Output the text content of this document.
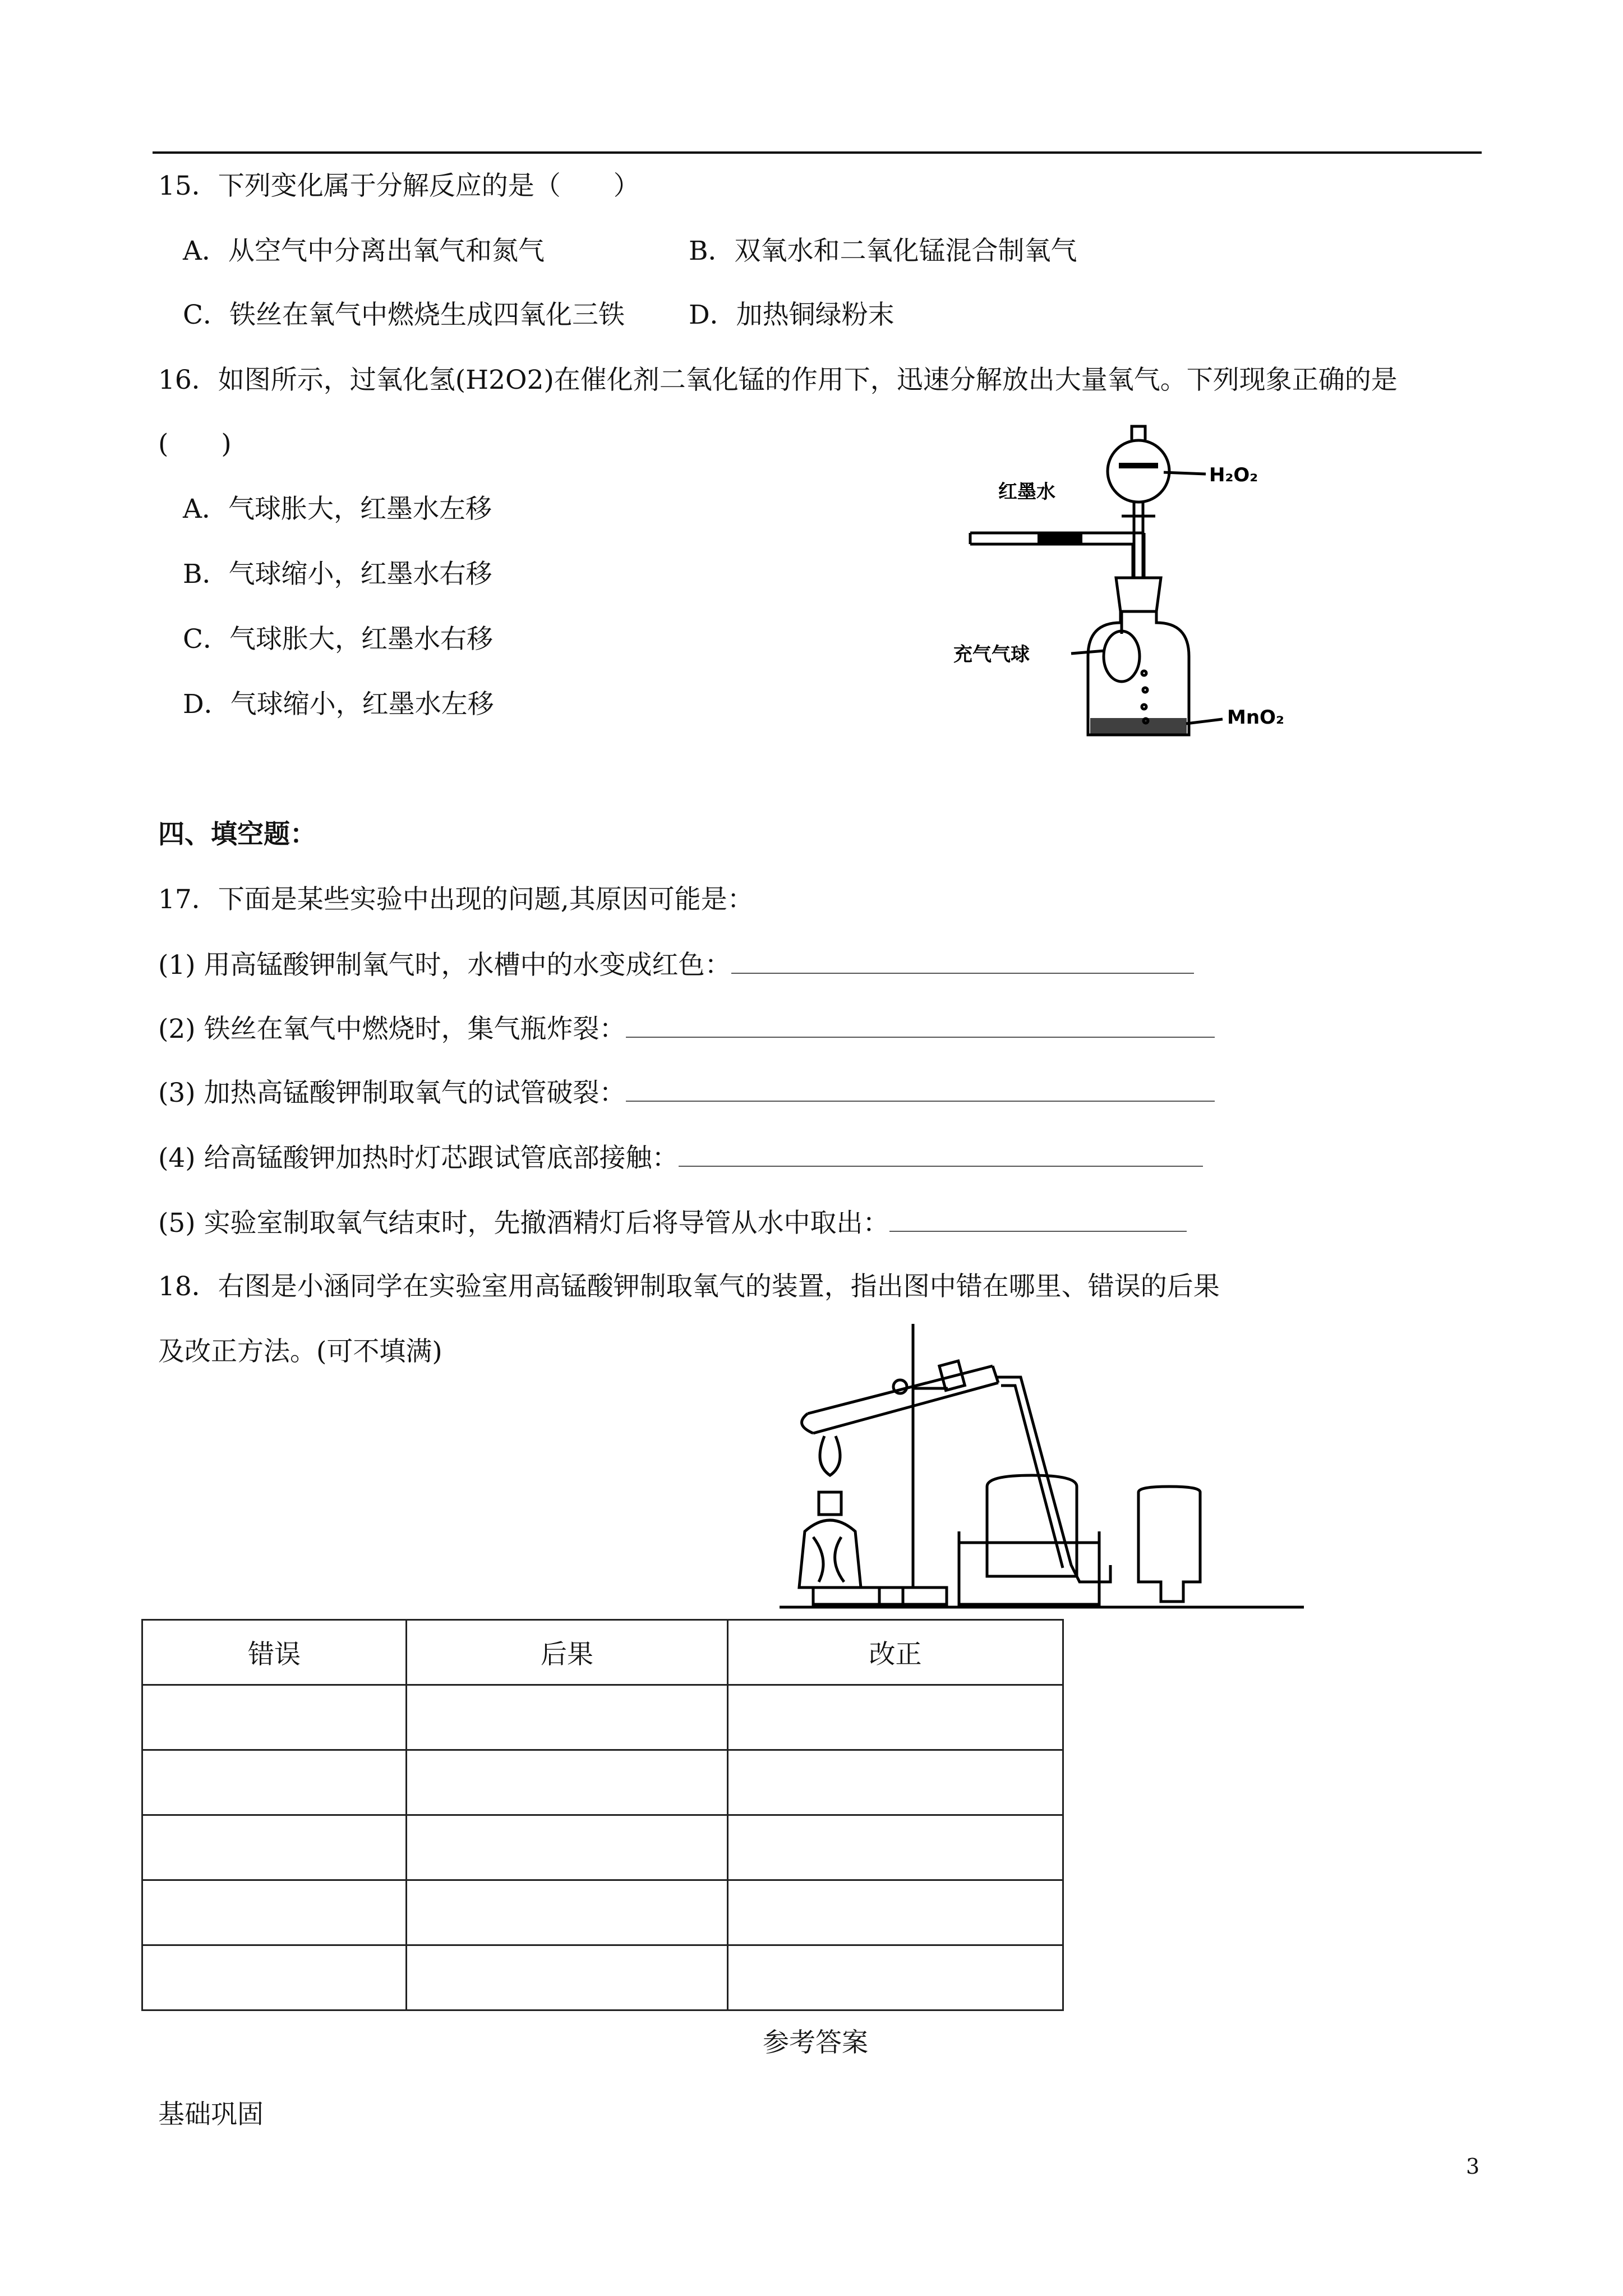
15．下列变化属于分解反应的是（　　）
A．从空气中分离出氧气和氮气	B．双氧水和二氧化锰混合制氧气
C．铁丝在氧气中燃烧生成四氧化三铁 D．加热铜绿粉末
16．如图所示，过氧化氢(H2O2)在催化剂二氧化锰的作用下，迅速分解放出大量氧气。下列现象正确的是
(　　)
A．气球胀大，红墨水左移
B．气球缩小，红墨水右移
C．气球胀大，红墨水右移
D．气球缩小，红墨水左移
红墨水
H₂O₂
充气气球
MnO₂
四、填空题：
17．下面是某些实验中出现的问题,其原因可能是：
(1) 用高锰酸钾制氧气时，水槽中的水变成红色：
(2) 铁丝在氧气中燃烧时，集气瓶炸裂：
(3) 加热高锰酸钾制取氧气的试管破裂：
(4) 给高锰酸钾加热时灯芯跟试管底部接触：
(5) 实验室制取氧气结束时，先撤酒精灯后将导管从水中取出：
18．右图是小涵同学在实验室用高锰酸钾制取氧气的装置，指出图中错在哪里、错误的后果
及改正方法。(可不填满)
错误	后果	改正

参考答案
基础巩固
3
